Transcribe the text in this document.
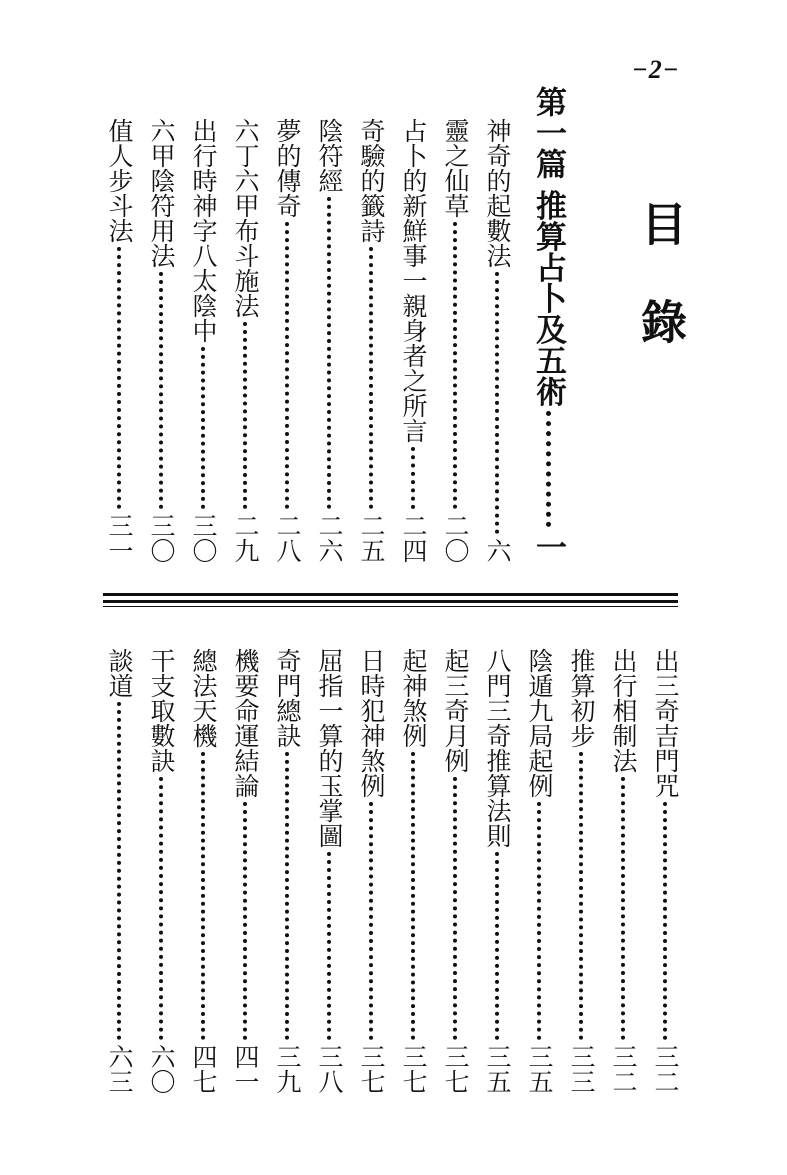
−2−
目錄
第一篇 推算占卜及五術
一
神奇的起數法
六
靈之仙草
二〇
占卜的新鮮事一親身者之所言
二四
奇驗的籤詩
二五
陰符經
二六
夢的傳奇
二八
六丁六甲布斗施法
二九
出行時神字八太陰中
三〇
六甲陰符用法
三〇
值人步斗法
三一
出三奇吉門咒
三二
出行相制法
三二
推算初步
三三
陰遁九局起例
三五
八門三奇推算法則
三五
起三奇月例
三七
起神煞例
三七
日時犯神煞例
三七
屈指一算的玉掌圖
三八
奇門總訣
三九
機要命運結論
四一
總法天機
四七
干支取數訣
六〇
談道
六三
